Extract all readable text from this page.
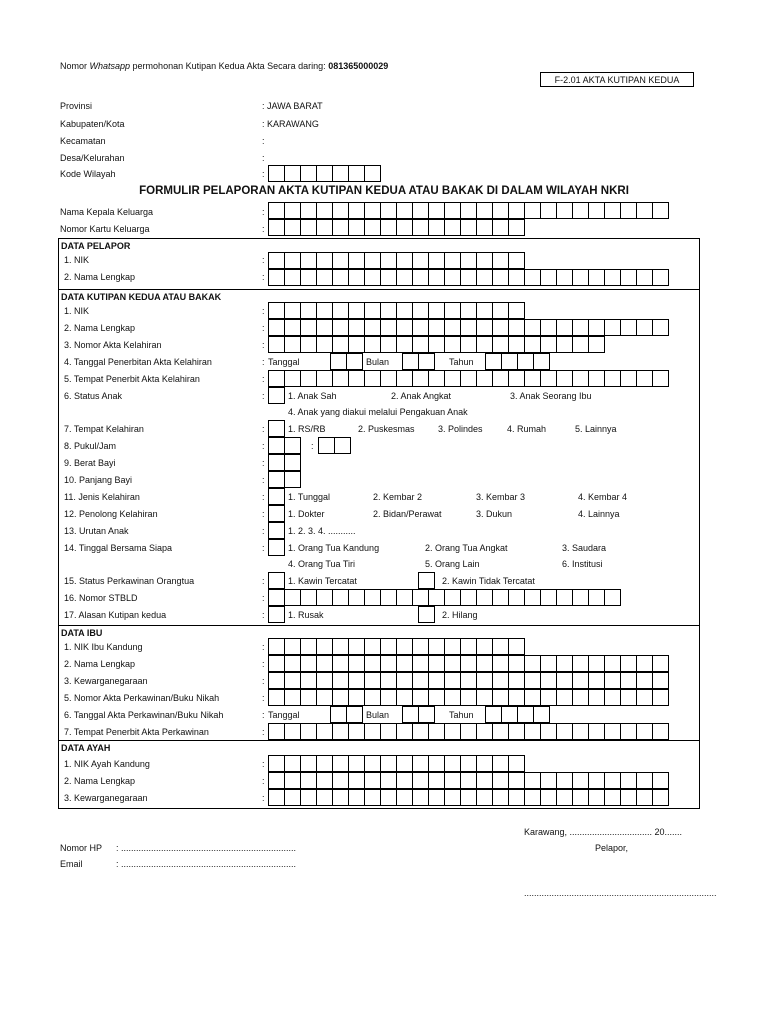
Nomor Whatsapp permohonan Kutipan Kedua Akta Secara daring: 081365000029
F-2.01 AKTA KUTIPAN KEDUA
Provinsi	: JAWA BARAT
Kabupaten/Kota	: KARAWANG
Kecamatan	:
Desa/Kelurahan	:
Kode Wilayah	:
FORMULIR PELAPORAN AKTA KUTIPAN KEDUA ATAU BAKAK DI DALAM WILAYAH NKRI
Nama Kepala Keluarga	:
Nomor Kartu Keluarga	:
DATA PELAPOR
1. NIK	:
2. Nama Lengkap	:
DATA KUTIPAN KEDUA ATAU BAKAK
1. NIK	:
2. Nama Lengkap	:
3. Nomor Akta Kelahiran	:
4. Tanggal Penerbitan Akta Kelahiran	: Tanggal	Bulan	Tahun
5. Tempat Penerbit Akta Kelahiran	:
6. Status Anak	:	1. Anak Sah	2. Anak Angkat	3. Anak Seorang Ibu
4. Anak yang diakui melalui Pengakuan Anak
7. Tempat Kelahiran	:	1. RS/RB	2. Puskesmas	3. Polindes	4. Rumah	5. Lainnya
8. Pukul/Jam	:	:
9. Berat Bayi	:
10. Panjang Bayi	:
11. Jenis Kelahiran	:	1. Tunggal	2. Kembar 2	3. Kembar 3	4. Kembar 4
12. Penolong Kelahiran	:	1. Dokter	2. Bidan/Perawat	3. Dukun	4. Lainnya
13. Urutan Anak	:	1. 2. 3. 4. ...........
14. Tinggal Bersama Siapa	:	1. Orang Tua Kandung	2. Orang Tua Angkat	3. Saudara
4. Orang Tua Tiri	5. Orang Lain	6. Institusi
15. Status Perkawinan Orangtua	:	1. Kawin Tercatat	2. Kawin Tidak Tercatat
16. Nomor STBLD	:
17. Alasan Kutipan kedua	:	1. Rusak	2. Hilang
DATA IBU
1. NIK Ibu Kandung	:
2. Nama Lengkap	:
3. Kewarganegaraan	:
5. Nomor Akta Perkawinan/Buku Nikah	:
6. Tanggal Akta Perkawinan/Buku Nikah	: Tanggal	Bulan	Tahun
7. Tempat Penerbit Akta Perkawinan	:
DATA AYAH
1. NIK Ayah Kandung	:
2. Nama Lengkap	:
3. Kewarganegaraan	:
Karawang, ................................. 20.......
Pelapor,
Nomor HP : ......................................................................
Email	: ......................................................................
.............................................................................
